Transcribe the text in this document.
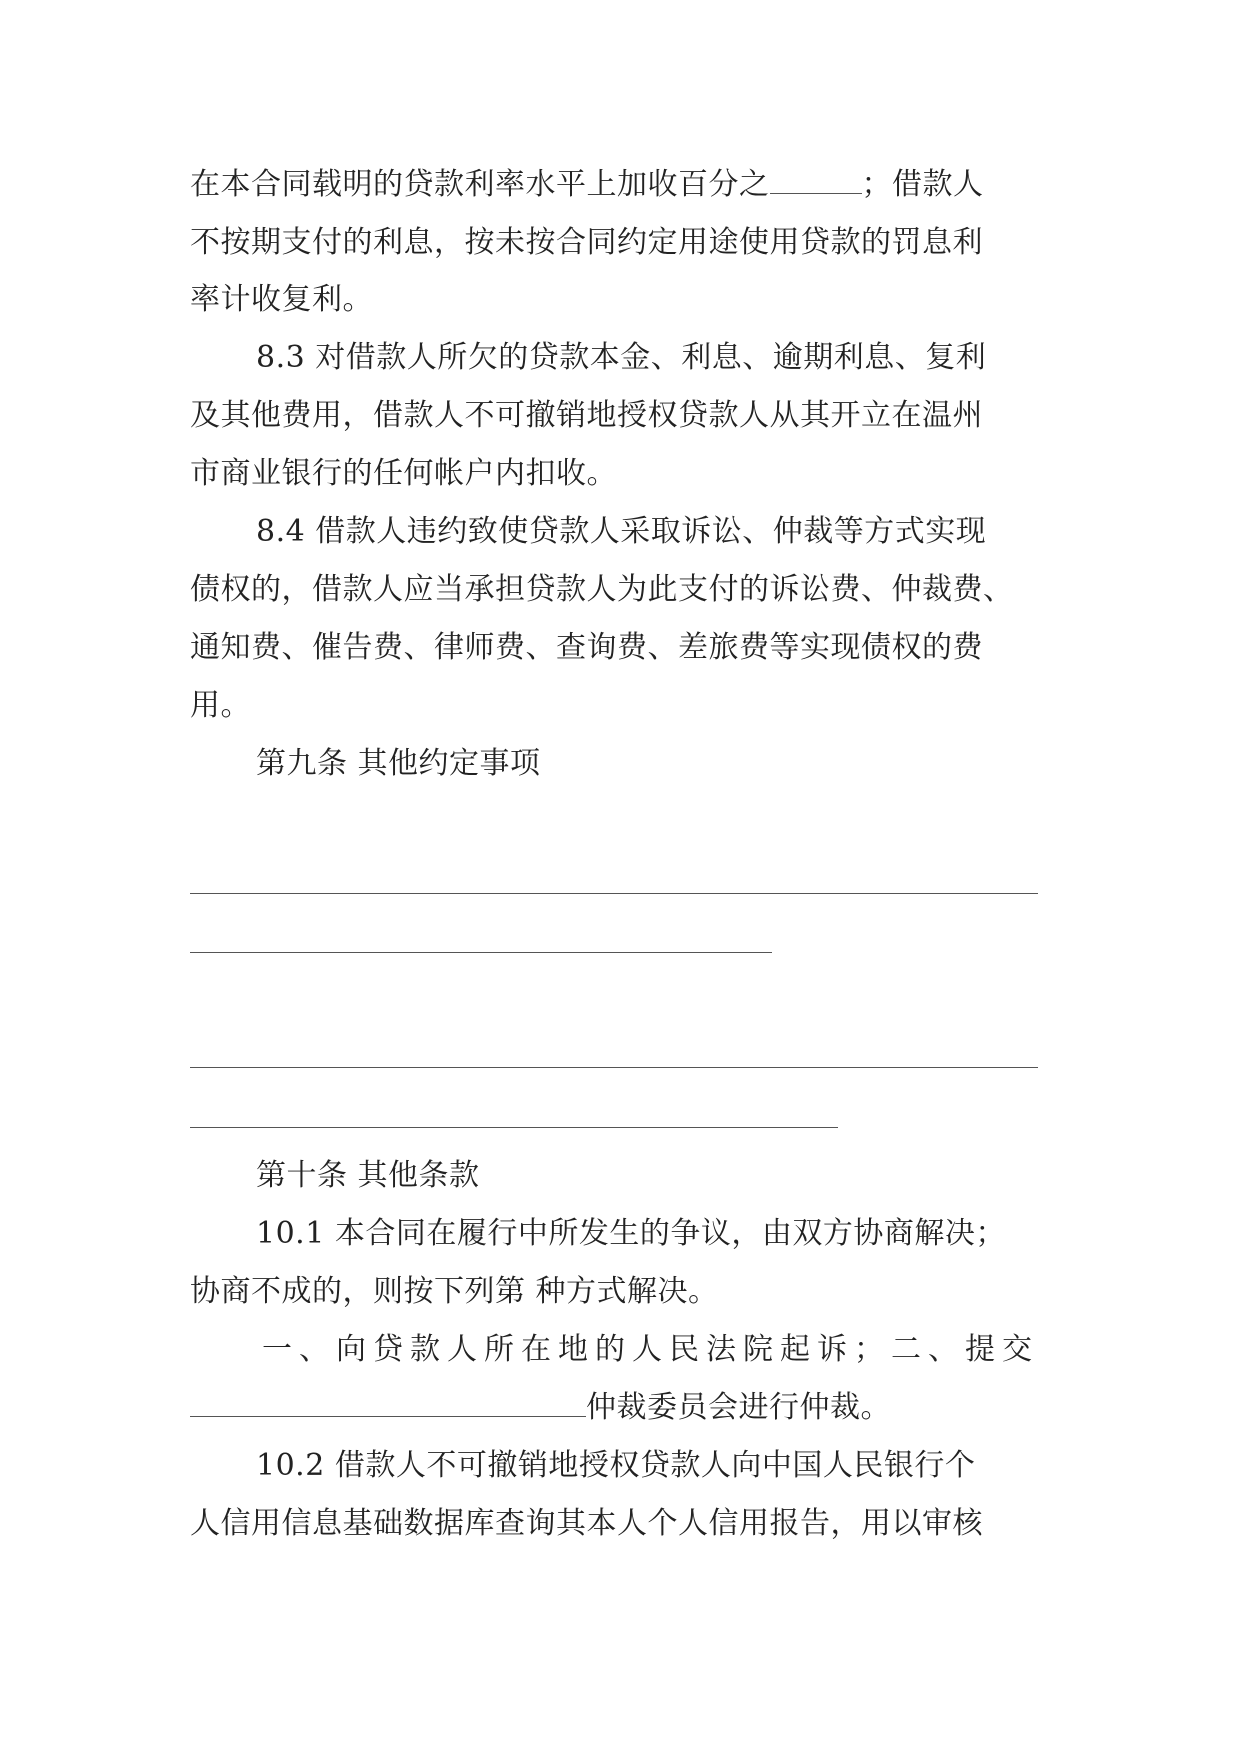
在本合同载明的贷款利率水平上加收百分之	；借款人
不按期支付的利息，按未按合同约定用途使用贷款的罚息利
率计收复利。
8.3 对借款人所欠的贷款本金、利息、逾期利息、复利
及其他费用，借款人不可撤销地授权贷款人从其开立在温州
市商业银行的任何帐户内扣收。
8.4 借款人违约致使贷款人采取诉讼、仲裁等方式实现
债权的，借款人应当承担贷款人为此支付的诉讼费、仲裁费、
通知费、催告费、律师费、查询费、差旅费等实现债权的费
用。
第九条 其他约定事项
第十条 其他条款
10.1 本合同在履行中所发生的争议，由双方协商解决；
协商不成的，则按下列第 种方式解决。
一、向贷款人所在地的人民法院起诉；二、提交
仲裁委员会进行仲裁。
10.2 借款人不可撤销地授权贷款人向中国人民银行个
人信用信息基础数据库查询其本人个人信用报告，用以审核
